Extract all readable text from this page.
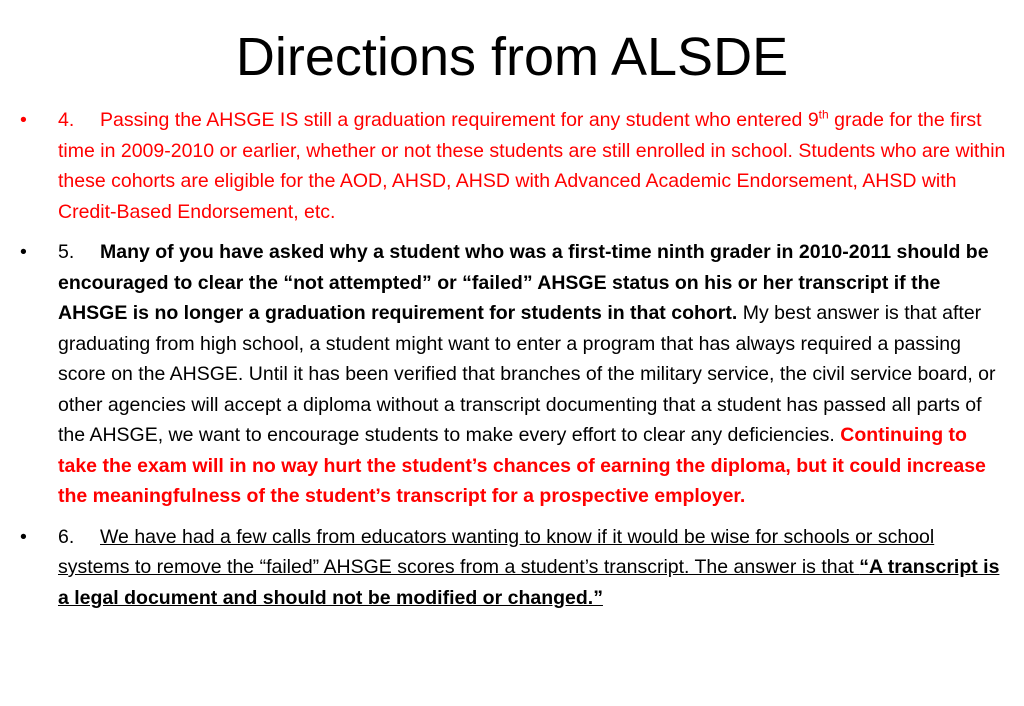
Directions from ALSDE
•	4. Passing the AHSGE IS still a graduation requirement for any student who entered 9th grade for the first time in 2009-2010 or earlier, whether or not these students are still enrolled in school. Students who are within these cohorts are eligible for the AOD, AHSD, AHSD with Advanced Academic Endorsement, AHSD with Credit-Based Endorsement, etc.
•	5. Many of you have asked why a student who was a first-time ninth grader in 2010-2011 should be encouraged to clear the “not attempted” or “failed” AHSGE status on his or her transcript if the AHSGE is no longer a graduation requirement for students in that cohort. My best answer is that after graduating from high school, a student might want to enter a program that has always required a passing score on the AHSGE. Until it has been verified that branches of the military service, the civil service board, or other agencies will accept a diploma without a transcript documenting that a student has passed all parts of the AHSGE, we want to encourage students to make every effort to clear any deficiencies. Continuing to take the exam will in no way hurt the student’s chances of earning the diploma, but it could increase the meaningfulness of the student’s transcript for a prospective employer.
•	6. We have had a few calls from educators wanting to know if it would be wise for schools or school systems to remove the “failed” AHSGE scores from a student’s transcript. The answer is that “A transcript is a legal document and should not be modified or changed.”
